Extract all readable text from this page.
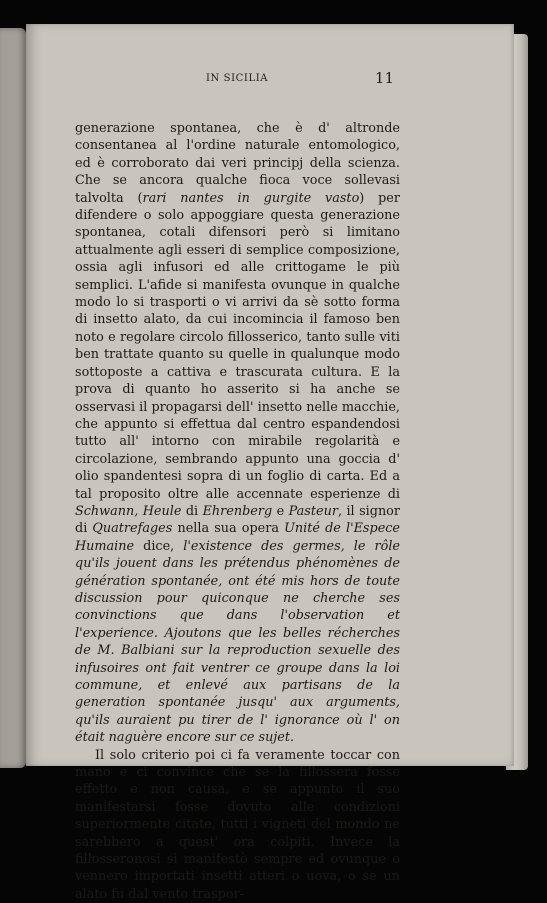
IN SICILIA	11

generazione spontanea, che è d' altronde consentanea al l'ordine naturale entomologico, ed è corroborato dai veri principj della scienza. Che se ancora qualche fioca voce sollevasi talvolta (rari nantes in gurgite vasto) per difendere o solo appoggiare questa generazione spontanea, cotali difensori però si limitano attualmente agli esseri di semplice composizione, ossia agli infusori ed alle crittogame le più semplici. L'afide si manifesta ovunque in qualche modo lo si trasporti o vi arrivi da sè sotto forma di insetto alato, da cui incomincia il famoso ben noto e regolare circolo fillosserico, tanto sulle viti ben trattate quanto su quelle in qualunque modo sottoposte a cattiva e trascurata cultura. E la prova di quanto ho asserito si ha anche se osservasi il propagarsi dell' insetto nelle macchie, che appunto si effettua dal centro espandendosi tutto all' intorno con mirabile regolarità e circolazione, sembrando appunto una goccia d' olio spandentesi sopra di un foglio di carta. Ed a tal proposito oltre alle accennate esperienze di Schwann, Heule di Ehrenberg e Pasteur, il signor di Quatrefages nella sua opera Unité de l'Espece Humaine dice, l'existence des germes, le rôle qu'ils jouent dans les prétendus phénomènes de génération spontanée, ont été mis hors de toute discussion pour quiconque ne cherche ses convinctions que dans l'observation et l'experience. Ajoutons que les belles récherches de M. Balbiani sur la reproduction sexuelle des infusoires ont fait ventrer ce groupe dans la loi commune, et enlevé aux partisans de la generation spontanée jusqu' aux arguments, qu'ils auraient pu tirer de l' ignorance où l' on était naguère encore sur ce sujet.

Il solo criterio poi ci fa veramente toccar con mano e ci convince che se la fillossera fosse effetto e non causa, e se appunto il suo manifestarsi fosse dovuto alle condizioni superiormente citate, tutti i vigneti del mondo ne sarebbero a quest' ora colpiti. Invece la fillosseronosi si manifestò sempre ed ovunque o vennero importati insetti atteri o uova, o se un alato fu dal vento traspor-
